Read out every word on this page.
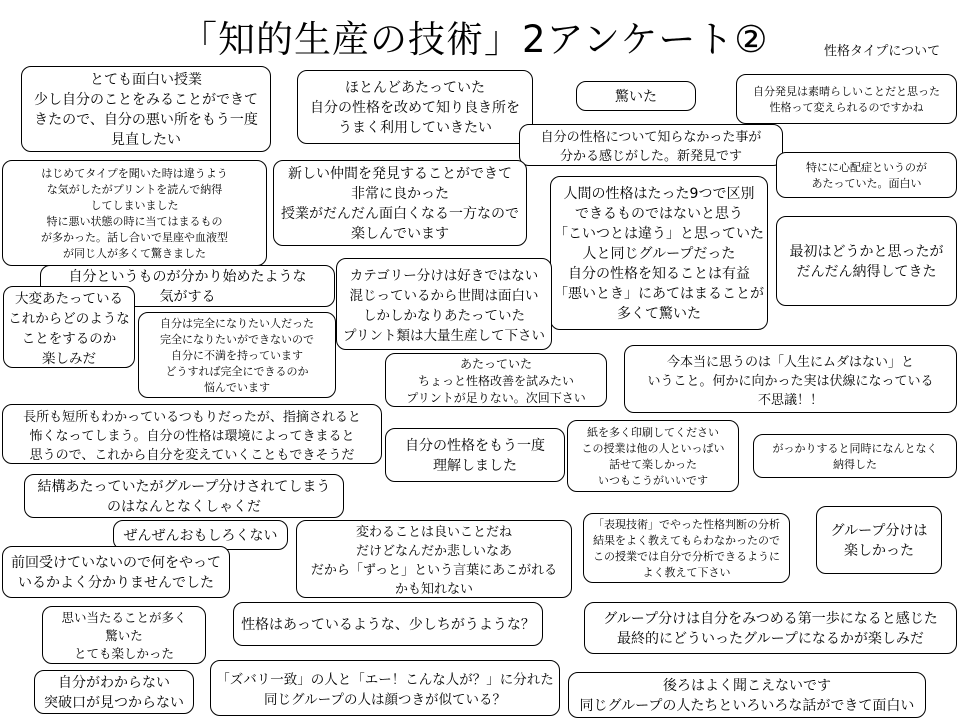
「知的生産の技術」2アンケート②	性格タイプについて
とても面白い授業
少し自分のことをみることができて
きたので、自分の悪い所をもう一度
見直したい
ほとんどあたっていた
自分の性格を改めて知り良き所を
うまく利用していきたい
驚いた	自分発見は素晴らしいことだと思った
性格って変えられるのですかね
自分の性格について知らなかった事が
分かる感じがした。新発見です
はじめてタイプを聞いた時は違うよう
な気がしたがプリントを読んで納得
してしまいました
特に悪い状態の時に当てはまるもの
が多かった。話し合いで星座や血液型
が同じ人が多くて驚きました
新しい仲間を発見することができて
非常に良かった
授業がだんだん面白くなる一方なので
楽しんでいます
人間の性格はたった9つで区別
できるものではないと思う
「こいつとは違う」と思っていた
人と同じグループだった
自分の性格を知ることは有益
「悪いとき」にあてはまることが
多くて驚いた
特にに心配症というのが
あたっていた。面白い
最初はどうかと思ったが
だんだん納得してきた
自分というものが分かり始めたような
気がする
カテゴリー分けは好きではない
混じっているから世間は面白い
しかしかなりあたっていた
プリント類は大量生産して下さい
大変あたっている
これからどのような
ことをするのか
楽しみだ
自分は完全になりたい人だった
完全になりたいができないので
自分に不満を持っています
どうすれば完全にできるのか
悩んでいます
あたっていた
ちょっと性格改善を試みたい
プリントが足りない。次回下さい
今本当に思うのは「人生にムダはない」と
いうこと。何かに向かった実は伏線になっている
不思議！！
長所も短所もわかっているつもりだったが、指摘されると
怖くなってしまう。自分の性格は環境によってきまると
思うので、これから自分を変えていくこともできそうだ
自分の性格をもう一度
理解しました
紙を多く印刷してください
この授業は他の人といっぱい
話せて楽しかった
いつもこうがいいです
がっかりすると同時になんとなく
納得した
結構あたっていたがグループ分けされてしまう
のはなんとなくしゃくだ
ぜんぜんおもしろくない	変わることは良いことだね
だけどなんだか悲しいなあ
だから「ずっと」という言葉にあこがれる
かも知れない
「表現技術」でやった性格判断の分析
結果をよく教えてもらわなかったので
この授業では自分で分析できるように
よく教えて下さい
グループ分けは
楽しかった
前回受けていないので何をやって
いるかよく分かりませんでした
思い当たることが多く
驚いた
とても楽しかった
性格はあっているような、少しちがうような？	グループ分けは自分をみつめる第一歩になると感じた
最終的にどういったグループになるかが楽しみだ
自分がわからない
突破口が見つからない
「ズバリ一致」の人と「エー！こんな人が？」に分れた
同じグループの人は顔つきが似ている？
後ろはよく聞こえないです
同じグループの人たちといろいろな話ができて面白い
